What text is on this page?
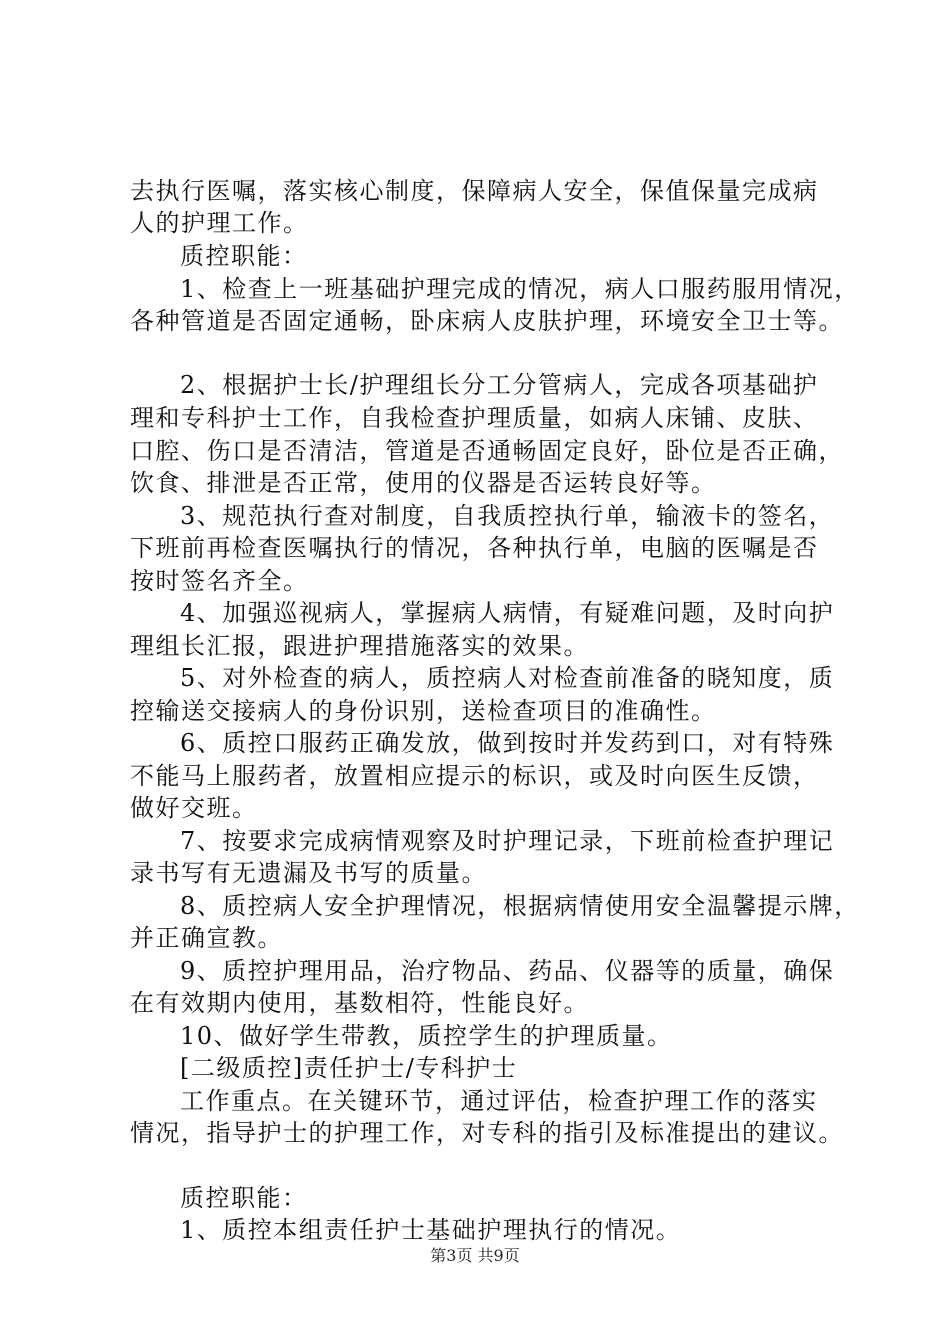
去执行医嘱，落实核心制度，保障病人安全，保值保量完成病
人的护理工作。
质控职能：
1、检查上一班基础护理完成的情况，病人口服药服用情况，
各种管道是否固定通畅，卧床病人皮肤护理，环境安全卫士等。
2、根据护士长/护理组长分工分管病人，完成各项基础护
理和专科护士工作，自我检查护理质量，如病人床铺、皮肤、
口腔、伤口是否清洁，管道是否通畅固定良好，卧位是否正确，
饮食、排泄是否正常，使用的仪器是否运转良好等。
3、规范执行查对制度，自我质控执行单，输液卡的签名，
下班前再检查医嘱执行的情况，各种执行单，电脑的医嘱是否
按时签名齐全。
4、加强巡视病人，掌握病人病情，有疑难问题，及时向护
理组长汇报，跟进护理措施落实的效果。
5、对外检查的病人，质控病人对检查前准备的晓知度，质
控输送交接病人的身份识别，送检查项目的准确性。
6、质控口服药正确发放，做到按时并发药到口，对有特殊
不能马上服药者，放置相应提示的标识，或及时向医生反馈，
做好交班。
7、按要求完成病情观察及时护理记录，下班前检查护理记
录书写有无遗漏及书写的质量。
8、质控病人安全护理情况，根据病情使用安全温馨提示牌，
并正确宣教。
9、质控护理用品，治疗物品、药品、仪器等的质量，确保
在有效期内使用，基数相符，性能良好。
10、做好学生带教，质控学生的护理质量。
[二级质控]责任护士/专科护士
工作重点。在关键环节，通过评估，检查护理工作的落实
情况，指导护士的护理工作，对专科的指引及标准提出的建议。
质控职能：
1、质控本组责任护士基础护理执行的情况。
第3页 共9页
